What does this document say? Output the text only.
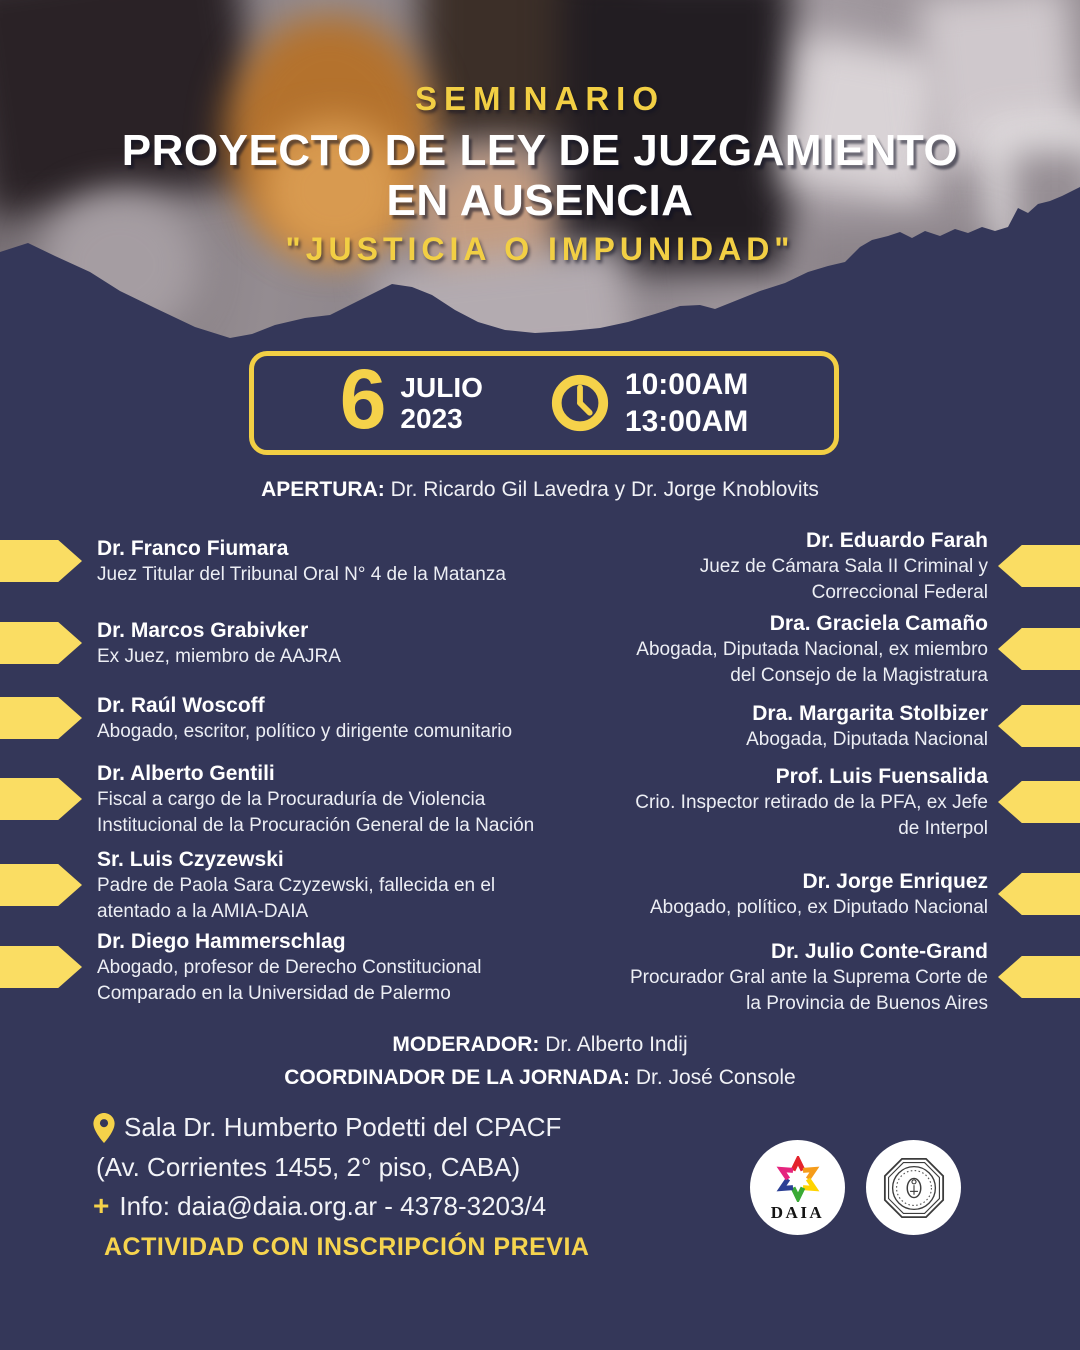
SEMINARIO
PROYECTO DE LEY DE JUZGAMIENTO
EN AUSENCIA
"JUSTICIA O IMPUNIDAD"
6 JULIO
2023
10:00AM
13:00AM
APERTURA: Dr. Ricardo Gil Lavedra y Dr. Jorge Knoblovits
Dr. Franco Fiumara
Juez Titular del Tribunal Oral N° 4 de la Matanza
Dr. Marcos Grabivker
Ex Juez, miembro de AAJRA
Dr. Raúl Woscoff
Abogado, escritor, político y dirigente comunitario
Dr. Alberto Gentili
Fiscal a cargo de la Procuraduría de Violencia Institucional de la Procuración General de la Nación
Sr. Luis Czyzewski
Padre de Paola Sara Czyzewski, fallecida en el atentado a la AMIA-DAIA
Dr. Diego Hammerschlag
Abogado, profesor de Derecho Constitucional Comparado en la Universidad de Palermo
Dr. Eduardo Farah
Juez de Cámara Sala II Criminal y Correccional Federal
Dra. Graciela Camaño
Abogada, Diputada Nacional, ex miembro del Consejo de la Magistratura
Dra. Margarita Stolbizer
Abogada, Diputada Nacional
Prof. Luis Fuensalida
Crio. Inspector retirado de la PFA, ex Jefe de Interpol
Dr. Jorge Enriquez
Abogado, político, ex Diputado Nacional
Dr. Julio Conte-Grand
Procurador Gral ante la Suprema Corte de la Provincia de Buenos Aires
MODERADOR: Dr. Alberto Indij
COORDINADOR DE LA JORNADA: Dr. José Console
Sala Dr. Humberto Podetti del CPACF
(Av. Corrientes 1455, 2° piso, CABA)
+ Info: daia@daia.org.ar - 4378-3203/4
ACTIVIDAD CON INSCRIPCIÓN PREVIA
DAIA
